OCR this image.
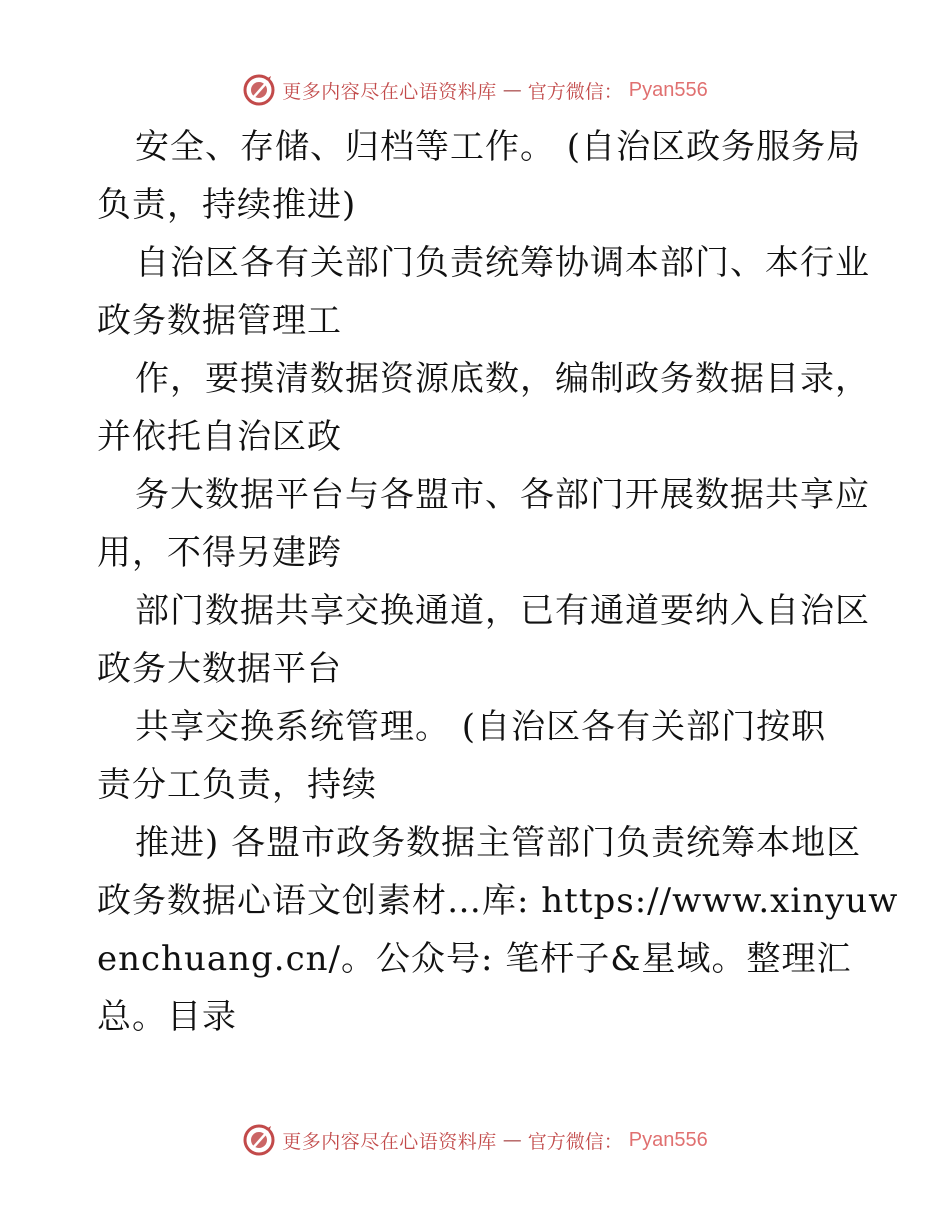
更多内容尽在心语资料库 — 官方微信： Pyan556
安全、存储、归档等工作。 (自治区政务服务局
负责，持续推进)
自治区各有关部门负责统筹协调本部门、本行业
政务数据管理工
作，要摸清数据资源底数，编制政务数据目录，
并依托自治区政
务大数据平台与各盟市、各部门开展数据共享应
用，不得另建跨
部门数据共享交换通道，已有通道要纳入自治区
政务大数据平台
共享交换系统管理。 (自治区各有关部门按职
责分工负责，持续
推进) 各盟市政务数据主管部门负责统筹本地区
政务数据心语文创素材…库: https://www.xinyuw
enchuang.cn/。公众号: 笔杆子&星域。整理汇
总。目录
更多内容尽在心语资料库 — 官方微信： Pyan556
